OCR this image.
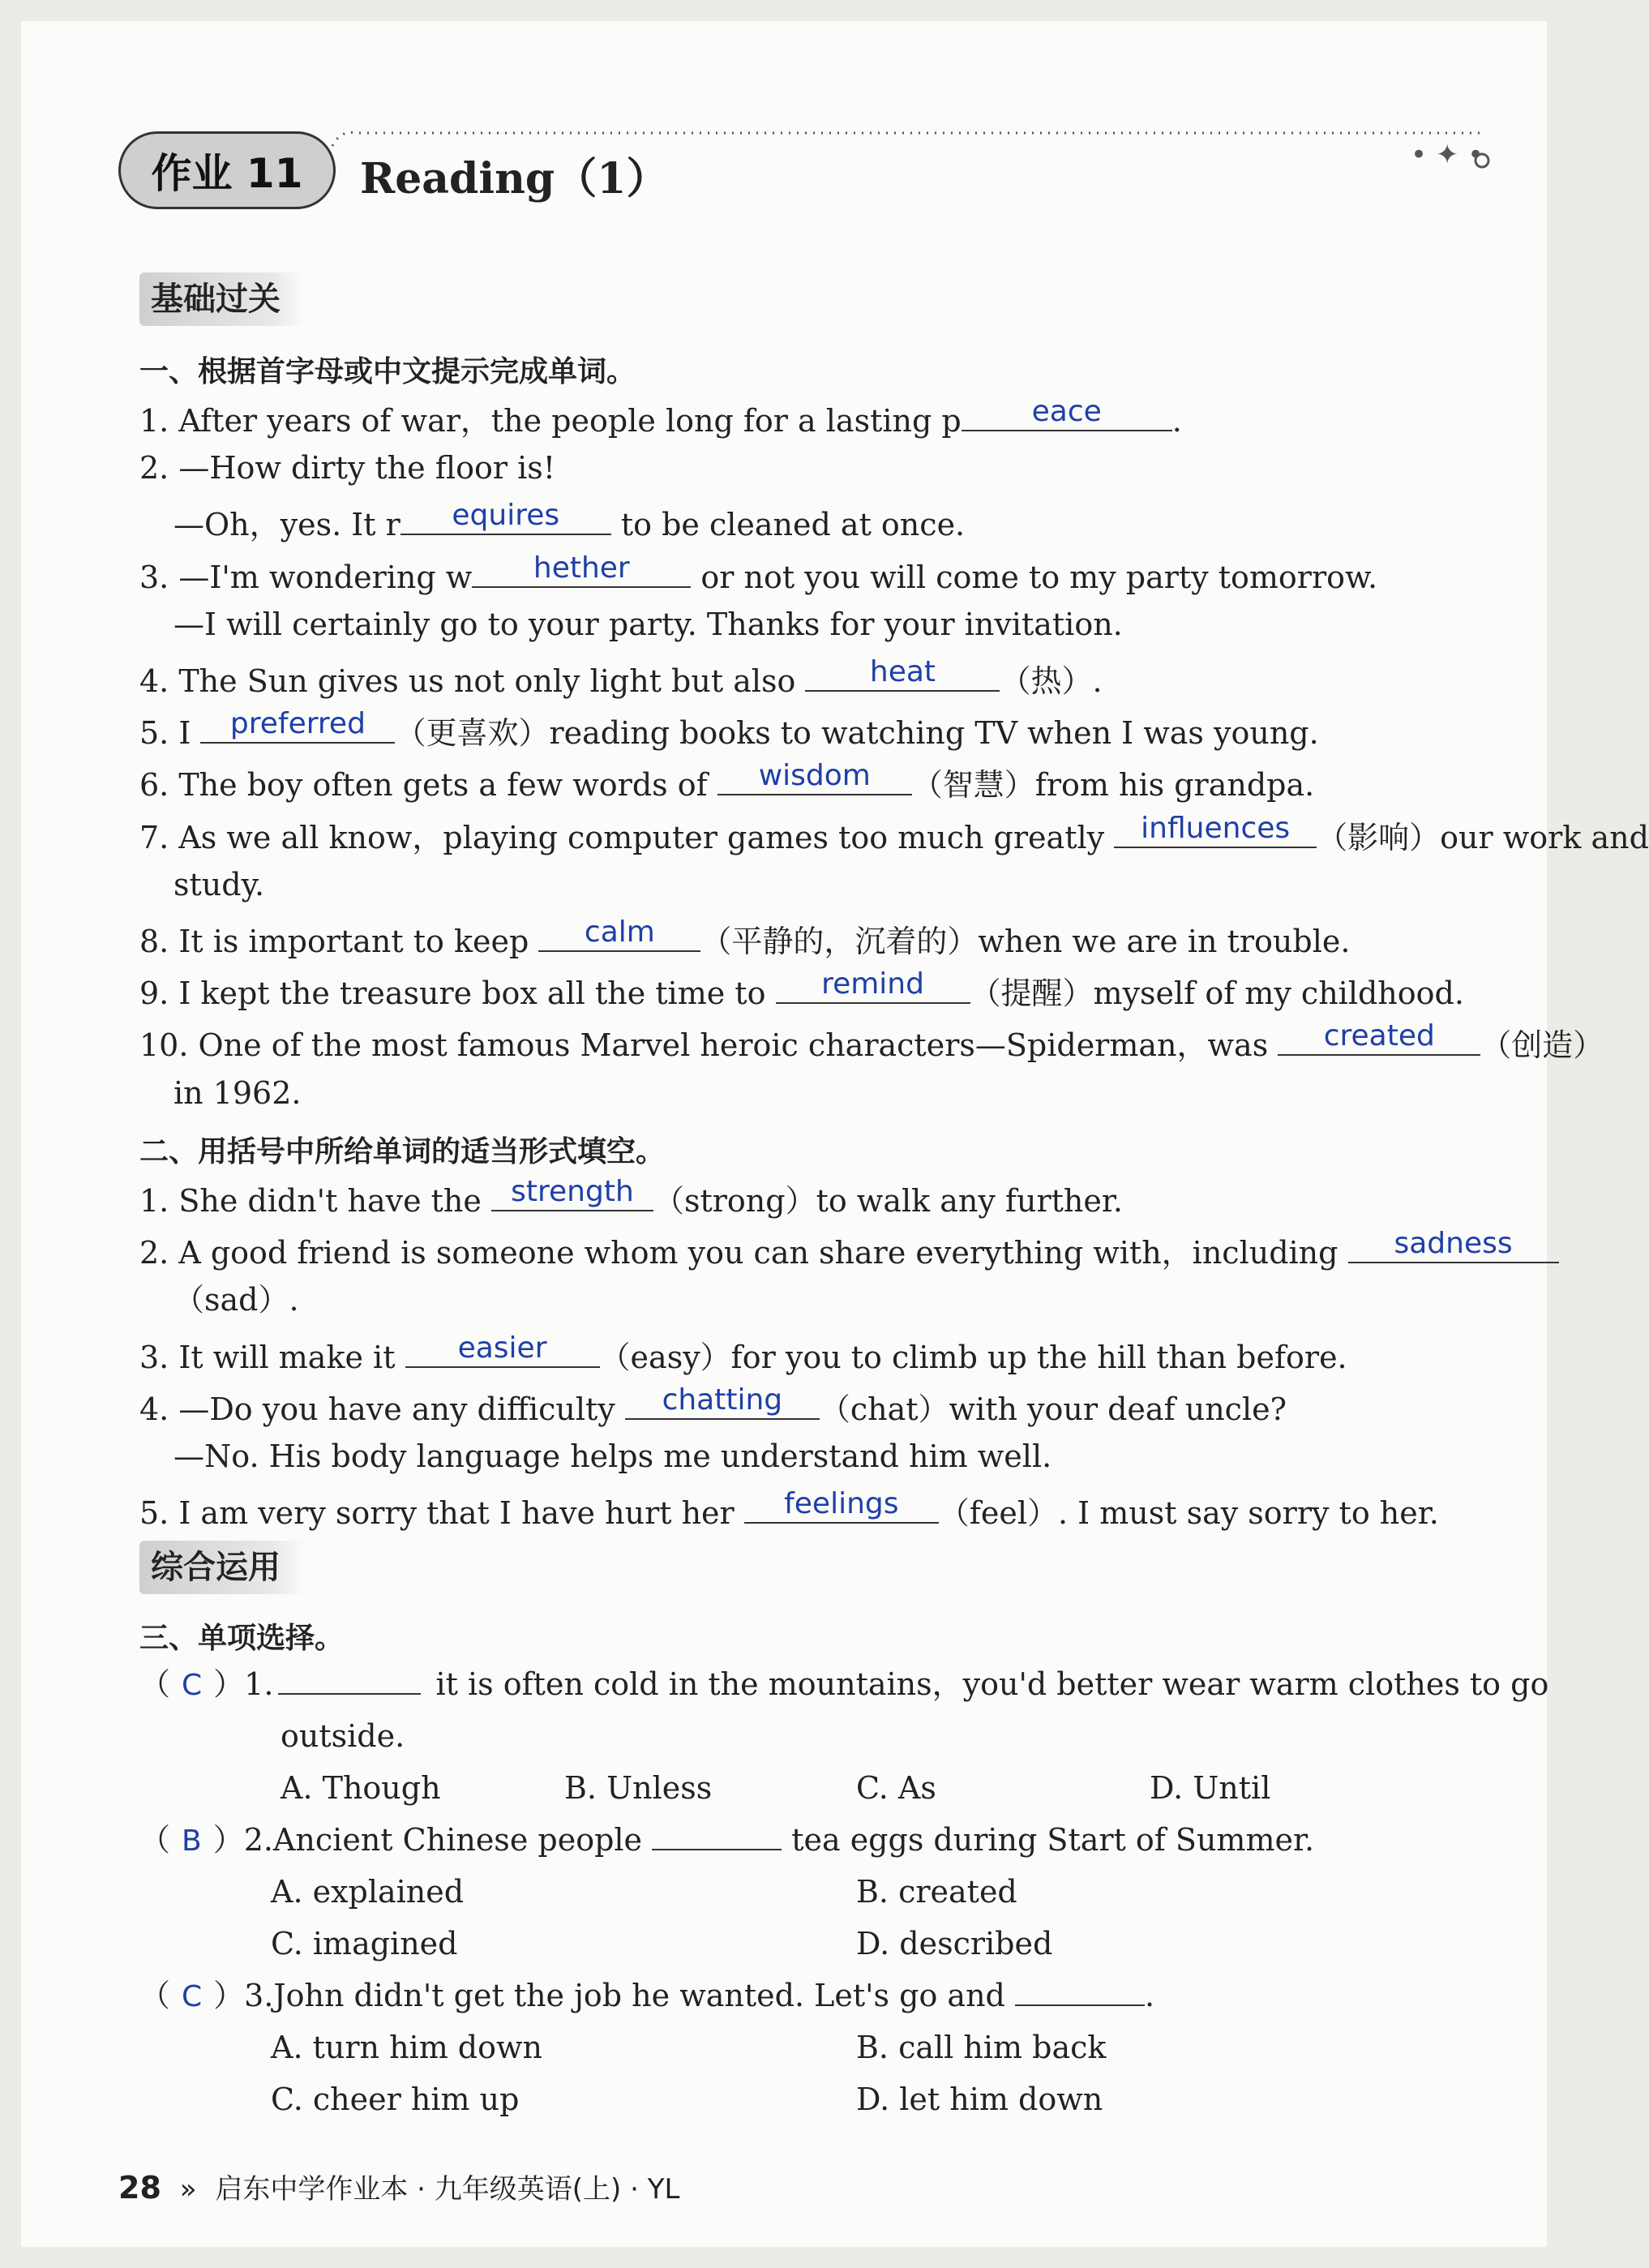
作业 11	Reading（1）	• ✦ •
基础过关
一、根据首字母或中文提示完成单词。
1. After years of war，the people long for a lasting p	eace	.
2. —How dirty the floor is!
—Oh，yes. It r	equires	to be cleaned at once.
3. —I'm wondering w	hether	or not you will come to my party tomorrow.
—I will certainly go to your party. Thanks for your invitation.
4. The Sun gives us not only light but also	heat	（热）.
5. I	preferred （更喜欢）reading books to watching TV when I was young.
6. The boy often gets a few words of	wisdom	（智慧）from his grandpa.
7. As we all know，playing computer games too much greatly influences （影响）our work and
study.
8. It is important to keep	calm	（平静的，沉着的）when we are in trouble.
9. I kept the treasure box all the time to	remind	（提醒）myself of my childhood.
10. One of the most famous Marvel heroic characters—Spiderman，was	created	（创造）
in 1962.
二、用括号中所给单词的适当形式填空。
1. She didn't have the strength （strong）to walk any further.
2. A good friend is someone whom you can share everything with，including	sadness
（sad）.
3. It will make it	easier	（easy）for you to climb up the hill than before.
4. —Do you have any difficulty	chatting	（chat）with your deaf uncle?
—No. His body language helps me understand him well.
5. I am very sorry that I have hurt her	feelings	（feel）. I must say sorry to her.
综合运用
三、单项选择。
outside.
（ C ）1.	it is often cold in the mountains，you'd better wear warm clothes to go
A. Though	B. Unless	C. As	D. Until
（ B ）2.Ancient Chinese people	tea eggs during Start of Summer.
A. explained	B. created
C. imagined	D. described
（ C ）3.John didn't get the job he wanted. Let's go and	.
A. turn him down	B. call him back
C. cheer him up	D. let him down
28 » 启东中学作业本 · 九年级英语(上) · YL
